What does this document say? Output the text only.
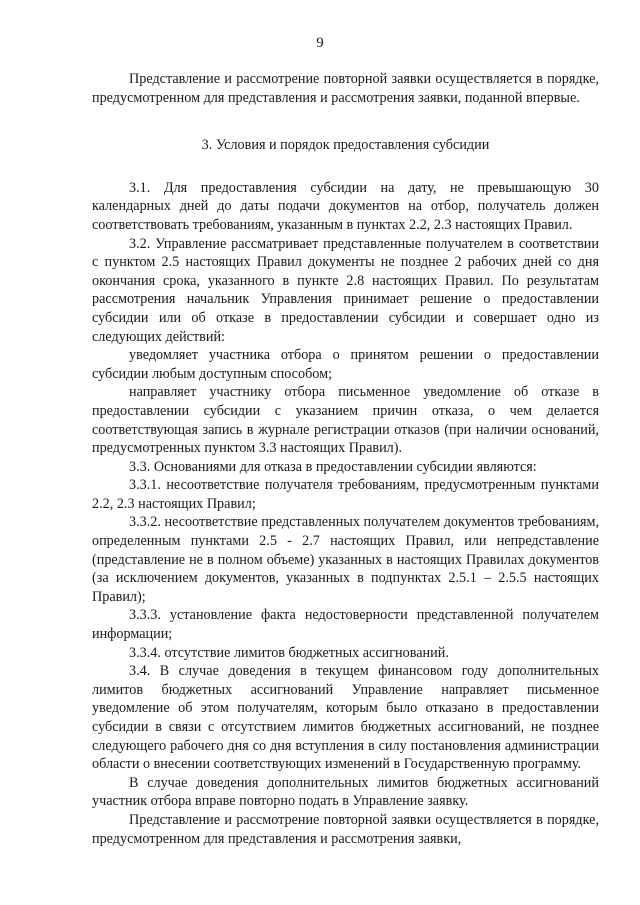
9

Представление и рассмотрение повторной заявки осуществляется в порядке, предусмотренном для представления и рассмотрения заявки, поданной впервые.

3. Условия и порядок предоставления субсидии

3.1. Для предоставления субсидии на дату, не превышающую 30 календарных дней до даты подачи документов на отбор, получатель должен соответствовать требованиям, указанным в пунктах 2.2, 2.3 настоящих Правил.

3.2. Управление рассматривает представленные получателем в соответствии с пунктом 2.5 настоящих Правил документы не позднее 2 рабочих дней со дня окончания срока, указанного в пункте 2.8 настоящих Правил. По результатам рассмотрения начальник Управления принимает решение о предоставлении субсидии или об отказе в предоставлении субсидии и совершает одно из следующих действий:

уведомляет участника отбора о принятом решении о предоставлении субсидии любым доступным способом;

направляет участнику отбора письменное уведомление об отказе в предоставлении субсидии с указанием причин отказа, о чем делается соответствующая запись в журнале регистрации отказов (при наличии оснований, предусмотренных пунктом 3.3 настоящих Правил).

3.3. Основаниями для отказа в предоставлении субсидии являются:

3.3.1. несоответствие получателя требованиям, предусмотренным пунктами 2.2, 2.3 настоящих Правил;

3.3.2. несоответствие представленных получателем документов требованиям, определенным пунктами 2.5 - 2.7 настоящих Правил, или непредставление (представление не в полном объеме) указанных в настоящих Правилах документов (за исключением документов, указанных в подпунктах 2.5.1 – 2.5.5 настоящих Правил);

3.3.3. установление факта недостоверности представленной получателем информации;

3.3.4. отсутствие лимитов бюджетных ассигнований.

3.4. В случае доведения в текущем финансовом году дополнительных лимитов бюджетных ассигнований Управление направляет письменное уведомление об этом получателям, которым было отказано в предоставлении субсидии в связи с отсутствием лимитов бюджетных ассигнований, не позднее следующего рабочего дня со дня вступления в силу постановления администрации области о внесении соответствующих изменений в Государственную программу.

В случае доведения дополнительных лимитов бюджетных ассигнований участник отбора вправе повторно подать в Управление заявку.

Представление и рассмотрение повторной заявки осуществляется в порядке, предусмотренном для представления и рассмотрения заявки,
